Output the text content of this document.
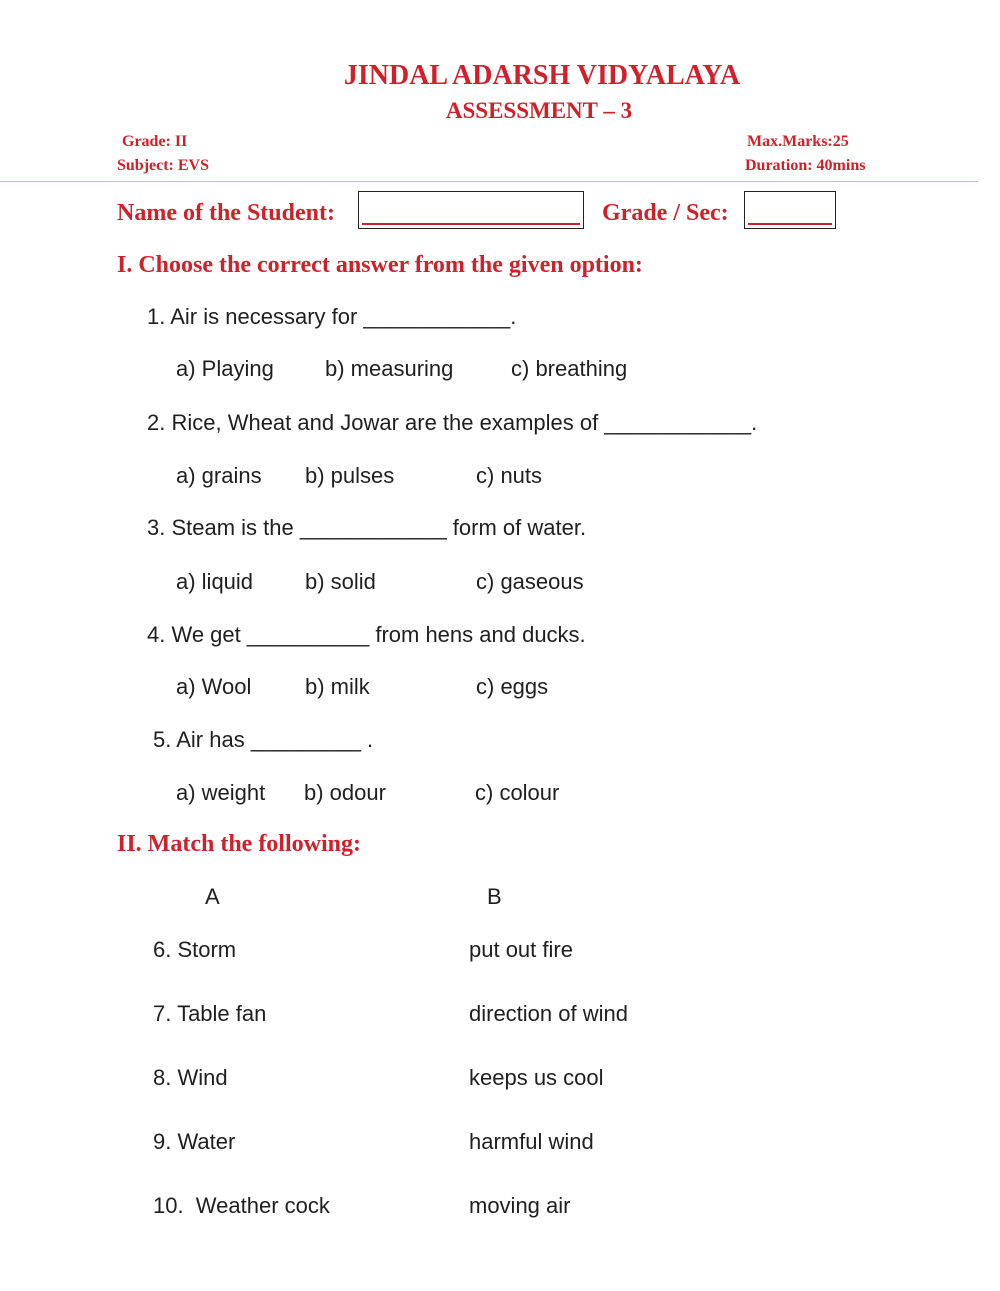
JINDAL ADARSH VIDYALAYA
ASSESSMENT – 3
Grade: II
Subject: EVS
Max.Marks:25
Duration: 40mins
Name of the Student:	Grade / Sec:
I. Choose the correct answer from the given option:
1. Air is necessary for ____________.
a) Playing b) measuring	c) breathing
2. Rice, Wheat and Jowar are the examples of ____________.
a) grains b) pulses	c) nuts
3. Steam is the ____________ form of water.
a) liquid b) solid	c) gaseous
4. We get __________ from hens and ducks.
a) Wool b) milk	c) eggs
5. Air has _________ .
a) weight b) odour	c) colour
II. Match the following:
A	B
6. Storm	put out fire
7. Table fan	direction of wind
8. Wind	keeps us cool
9. Water	harmful wind
10.  Weather cock	moving air
